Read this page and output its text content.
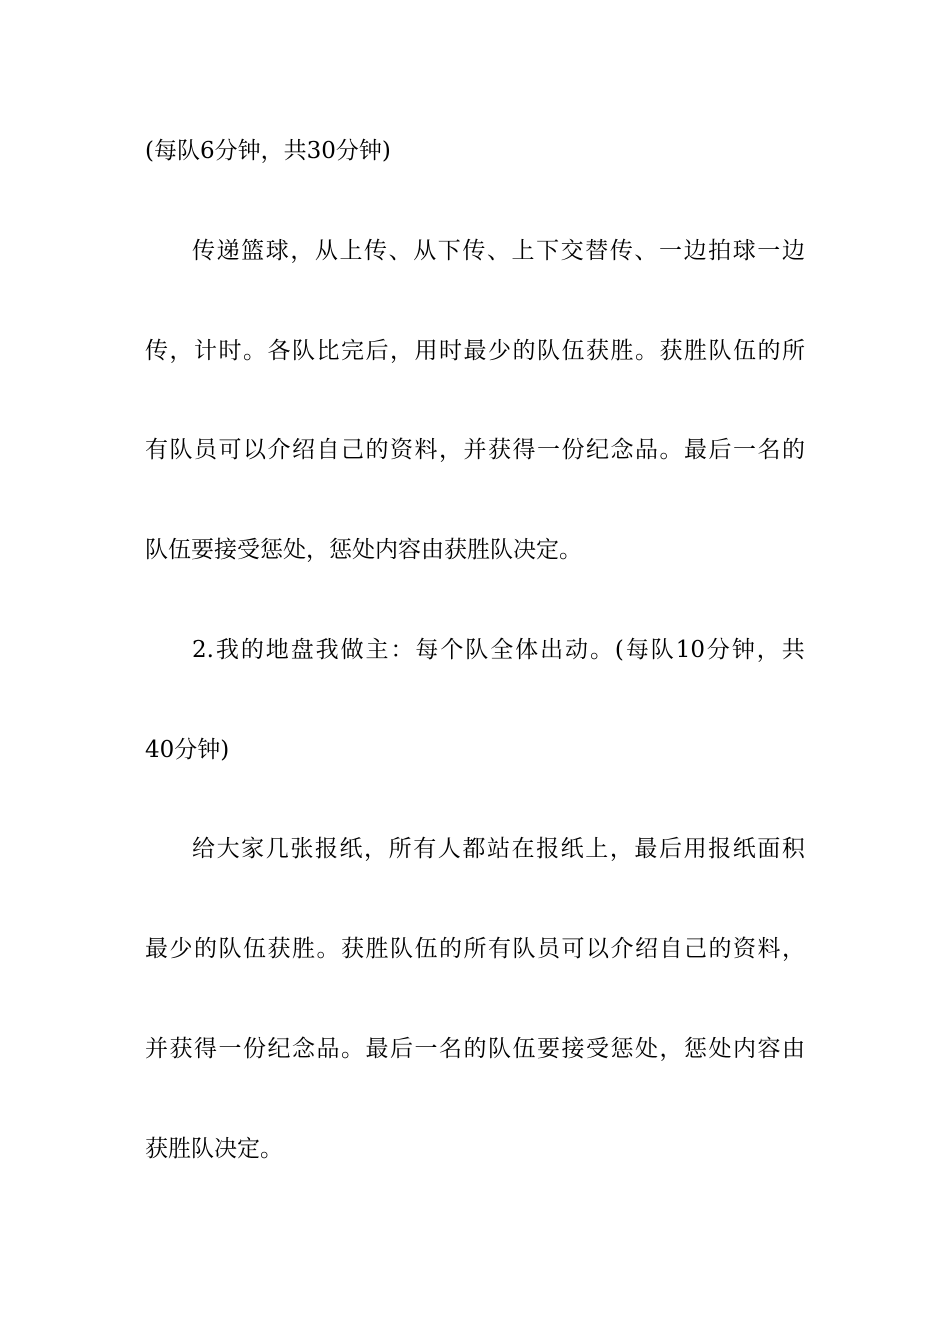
(每队6分钟，共30分钟)
传 递 篮 球 ， 从 上 传 、 从 下 传 、 上 下 交 替 传 、 一 边 拍 球 一 边
传 ， 计 时 。 各 队 比 完 后 ， 用 时 最 少 的 队 伍 获 胜 。 获 胜 队 伍 的 所
有 队 员 可 以 介 绍 自 己 的 资 料 ， 并 获 得 一 份 纪 念 品 。 最 后 一 名 的
队伍要接受惩处，惩处内容由获胜队决定。
2. 我 的 地 盘 我 做 主 ： 每 个 队 全 体 出 动 。 ( 每 队 10 分 钟 ， 共
40分钟)
给 大 家 几 张 报 纸 ， 所 有 人 都 站 在 报 纸 上 ， 最 后 用 报 纸 面 积
最 少 的 队 伍 获 胜 。 获 胜 队 伍 的 所 有 队 员 可 以 介 绍 自 己 的 资 料 ，
并 获 得 一 份 纪 念 品 。 最 后 一 名 的 队 伍 要 接 受 惩 处 ， 惩 处 内 容 由
获胜队决定。
